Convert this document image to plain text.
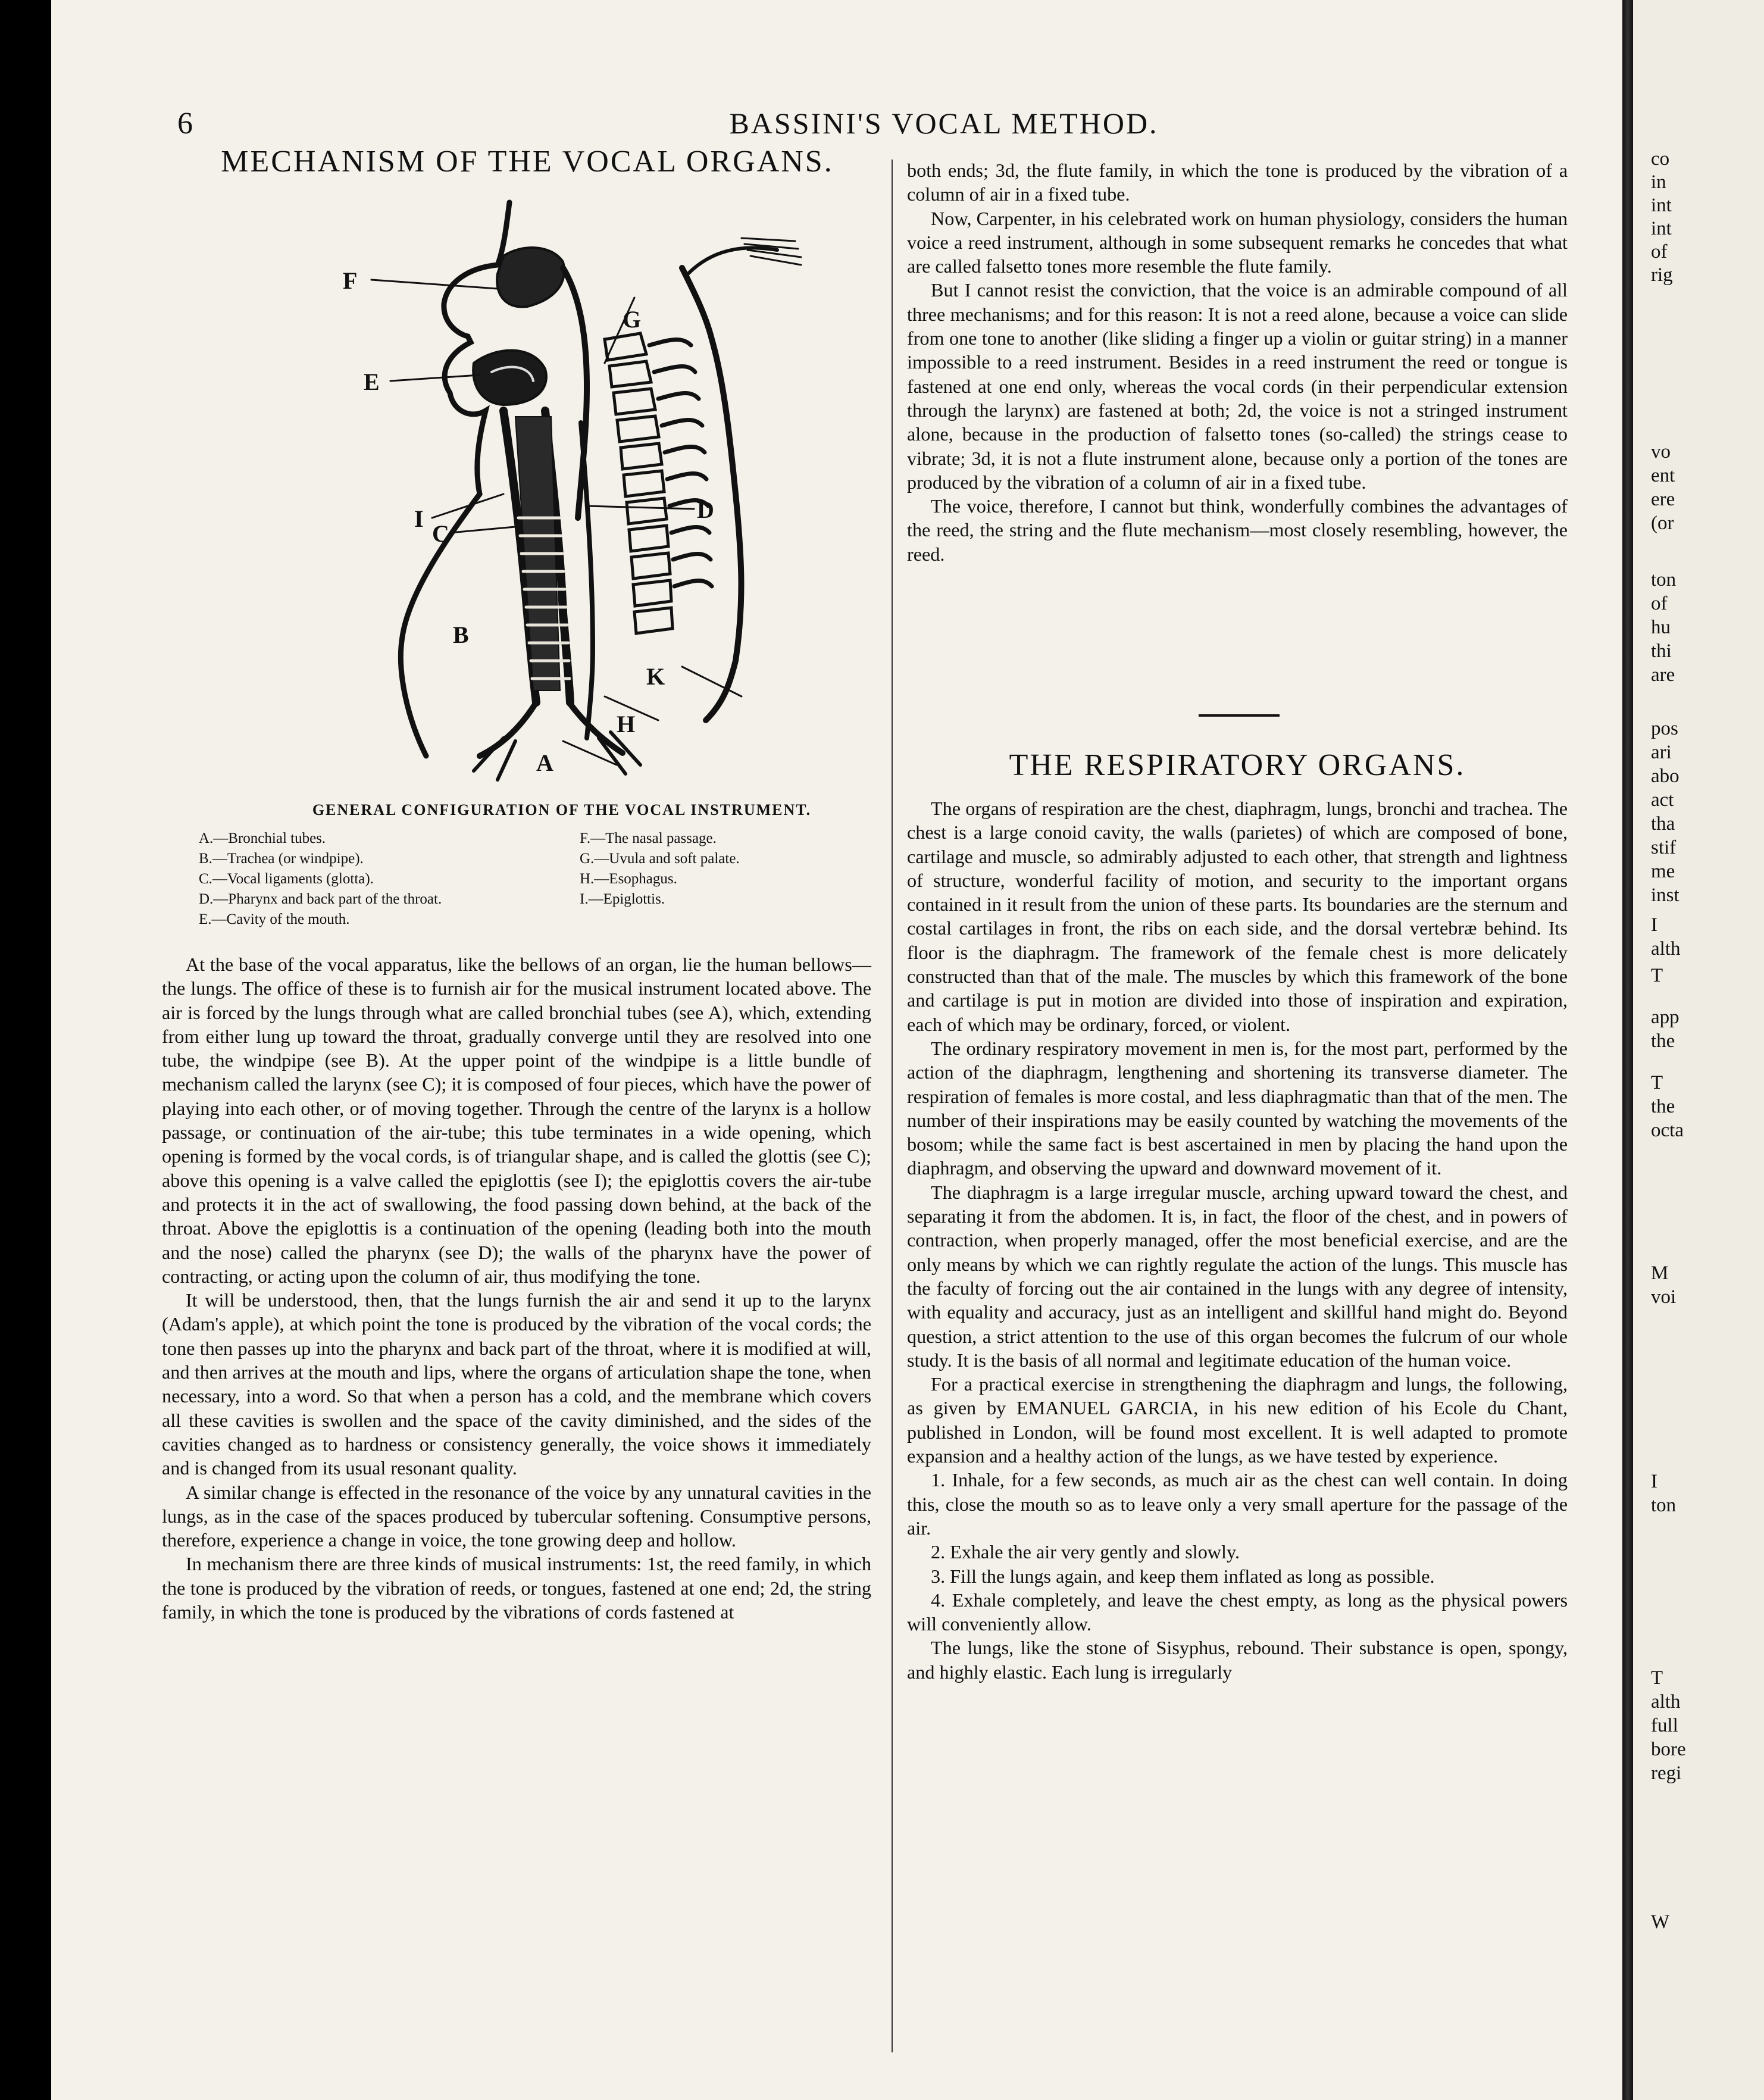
6	BASSINI'S VOCAL METHOD.
MECHANISM OF THE VOCAL ORGANS.
F
G
E
D
I
C
B
K
H
A
GENERAL CONFIGURATION OF THE VOCAL INSTRUMENT.
A.—Bronchial tubes.
B.—Trachea (or windpipe).
C.—Vocal ligaments (glotta).
D.—Pharynx and back part of the throat.
E.—Cavity of the mouth.
F.—The nasal passage.
G.—Uvula and soft palate.
H.—Esophagus.
I.—Epiglottis.

At the base of the vocal apparatus, like the bellows of an organ, lie the human bellows—the lungs. The office of these is to furnish air for the musical instrument located above. The air is forced by the lungs through what are called bronchial tubes (see A), which, extending from either lung up toward the throat, gradually converge until they are resolved into one tube, the windpipe (see B). At the upper point of the windpipe is a little bundle of mechanism called the larynx (see C); it is composed of four pieces, which have the power of playing into each other, or of moving together. Through the centre of the larynx is a hollow passage, or continuation of the air-tube; this tube terminates in a wide opening, which opening is formed by the vocal cords, is of triangular shape, and is called the glottis (see C); above this opening is a valve called the epiglottis (see I); the epiglottis covers the air-tube and protects it in the act of swallowing, the food passing down behind, at the back of the throat. Above the epiglottis is a continuation of the opening (leading both into the mouth and the nose) called the pharynx (see D); the walls of the pharynx have the power of contracting, or acting upon the column of air, thus modifying the tone.

It will be understood, then, that the lungs furnish the air and send it up to the larynx (Adam's apple), at which point the tone is produced by the vibration of the vocal cords; the tone then passes up into the pharynx and back part of the throat, where it is modified at will, and then arrives at the mouth and lips, where the organs of articulation shape the tone, when necessary, into a word. So that when a person has a cold, and the membrane which covers all these cavities is swollen and the space of the cavity diminished, and the sides of the cavities changed as to hardness or consistency generally, the voice shows it immediately and is changed from its usual resonant quality.

A similar change is effected in the resonance of the voice by any unnatural cavities in the lungs, as in the case of the spaces produced by tubercular softening. Consumptive persons, therefore, experience a change in voice, the tone growing deep and hollow.

In mechanism there are three kinds of musical instruments: 1st, the reed family, in which the tone is produced by the vibration of reeds, or tongues, fastened at one end; 2d, the string family, in which the tone is produced by the vibrations of cords fastened at

both ends; 3d, the flute family, in which the tone is produced by the vibration of a column of air in a fixed tube.

Now, Carpenter, in his celebrated work on human physiology, considers the human voice a reed instrument, although in some subsequent remarks he concedes that what are called falsetto tones more resemble the flute family.

But I cannot resist the conviction, that the voice is an admirable compound of all three mechanisms; and for this reason: It is not a reed alone, because a voice can slide from one tone to another (like sliding a finger up a violin or guitar string) in a manner impossible to a reed instrument. Besides in a reed instrument the reed or tongue is fastened at one end only, whereas the vocal cords (in their perpendicular extension through the larynx) are fastened at both; 2d, the voice is not a stringed instrument alone, because in the production of falsetto tones (so-called) the strings cease to vibrate; 3d, it is not a flute instrument alone, because only a portion of the tones are produced by the vibration of a column of air in a fixed tube.

The voice, therefore, I cannot but think, wonderfully combines the advantages of the reed, the string and the flute mechanism—most closely resembling, however, the reed.

THE RESPIRATORY ORGANS.

The organs of respiration are the chest, diaphragm, lungs, bronchi and trachea. The chest is a large conoid cavity, the walls (parietes) of which are composed of bone, cartilage and muscle, so admirably adjusted to each other, that strength and lightness of structure, wonderful facility of motion, and security to the important organs contained in it result from the union of these parts. Its boundaries are the sternum and costal cartilages in front, the ribs on each side, and the dorsal vertebræ behind. Its floor is the diaphragm. The framework of the female chest is more delicately constructed than that of the male. The muscles by which this framework of the bone and cartilage is put in motion are divided into those of inspiration and expiration, each of which may be ordinary, forced, or violent.

The ordinary respiratory movement in men is, for the most part, performed by the action of the diaphragm, lengthening and shortening its transverse diameter. The respiration of females is more costal, and less diaphragmatic than that of the men. The number of their inspirations may be easily counted by watching the movements of the bosom; while the same fact is best ascertained in men by placing the hand upon the diaphragm, and observing the upward and downward movement of it.

The diaphragm is a large irregular muscle, arching upward toward the chest, and separating it from the abdomen. It is, in fact, the floor of the chest, and in powers of contraction, when properly managed, offer the most beneficial exercise, and are the only means by which we can rightly regulate the action of the lungs. This muscle has the faculty of forcing out the air contained in the lungs with any degree of intensity, with equality and accuracy, just as an intelligent and skillful hand might do. Beyond question, a strict attention to the use of this organ becomes the fulcrum of our whole study. It is the basis of all normal and legitimate education of the human voice.

For a practical exercise in strengthening the diaphragm and lungs, the following, as given by EMANUEL GARCIA, in his new edition of his Ecole du Chant, published in London, will be found most excellent. It is well adapted to promote expansion and a healthy action of the lungs, as we have tested by experience.

1. Inhale, for a few seconds, as much air as the chest can well contain. In doing this, close the mouth so as to leave only a very small aperture for the passage of the air.

2. Exhale the air very gently and slowly.

3. Fill the lungs again, and keep them inflated as long as possible.

4. Exhale completely, and leave the chest empty, as long as the physical powers will conveniently allow.

The lungs, like the stone of Sisyphus, rebound. Their substance is open, spongy, and highly elastic. Each lung is irregularly

co
in
int
int
of
rig
vo
ent
ere
(or
ton
of
hu
thi
are
pos
ari
abo
act
tha
stif
me
inst
I
alth
T
app
the
T
the
octa
M
voi
I
ton
T
alth
full
bore
regi
W
